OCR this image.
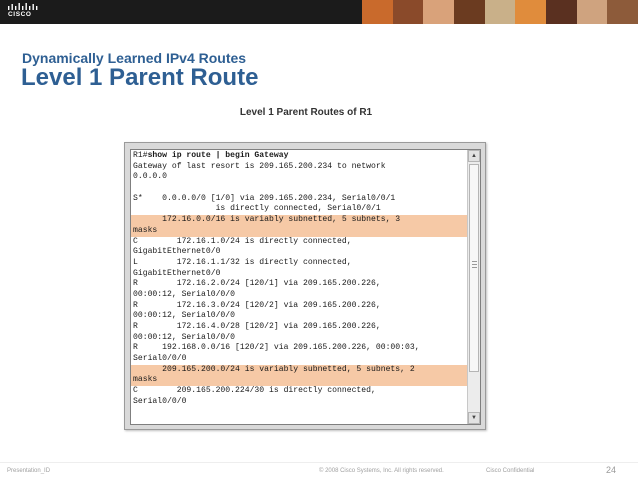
CISCO
Dynamically Learned IPv4 Routes
Level 1 Parent Route
Level 1 Parent Routes of R1
R1#show ip route | begin Gateway
Gateway of last resort is 209.165.200.234 to network
0.0.0.0
S*    0.0.0.0/0 [1/0] via 209.165.200.234, Serial0/0/1
is directly connected, Serial0/0/1
172.16.0.0/16 is variably subnetted, 5 subnets, 3
masks
C        172.16.1.0/24 is directly connected,
GigabitEthernet0/0
L        172.16.1.1/32 is directly connected,
GigabitEthernet0/0
R        172.16.2.0/24 [120/1] via 209.165.200.226,
00:00:12, Serial0/0/0
R        172.16.3.0/24 [120/2] via 209.165.200.226,
00:00:12, Serial0/0/0
R        172.16.4.0/28 [120/2] via 209.165.200.226,
00:00:12, Serial0/0/0
R     192.168.0.0/16 [120/2] via 209.165.200.226, 00:00:03,
Serial0/0/0
209.165.200.0/24 is variably subnetted, 5 subnets, 2
masks
C        209.165.200.224/30 is directly connected,
Serial0/0/0
▲
▼
Presentation_ID	© 2008 Cisco Systems, Inc. All rights reserved.	Cisco Confidential	24
